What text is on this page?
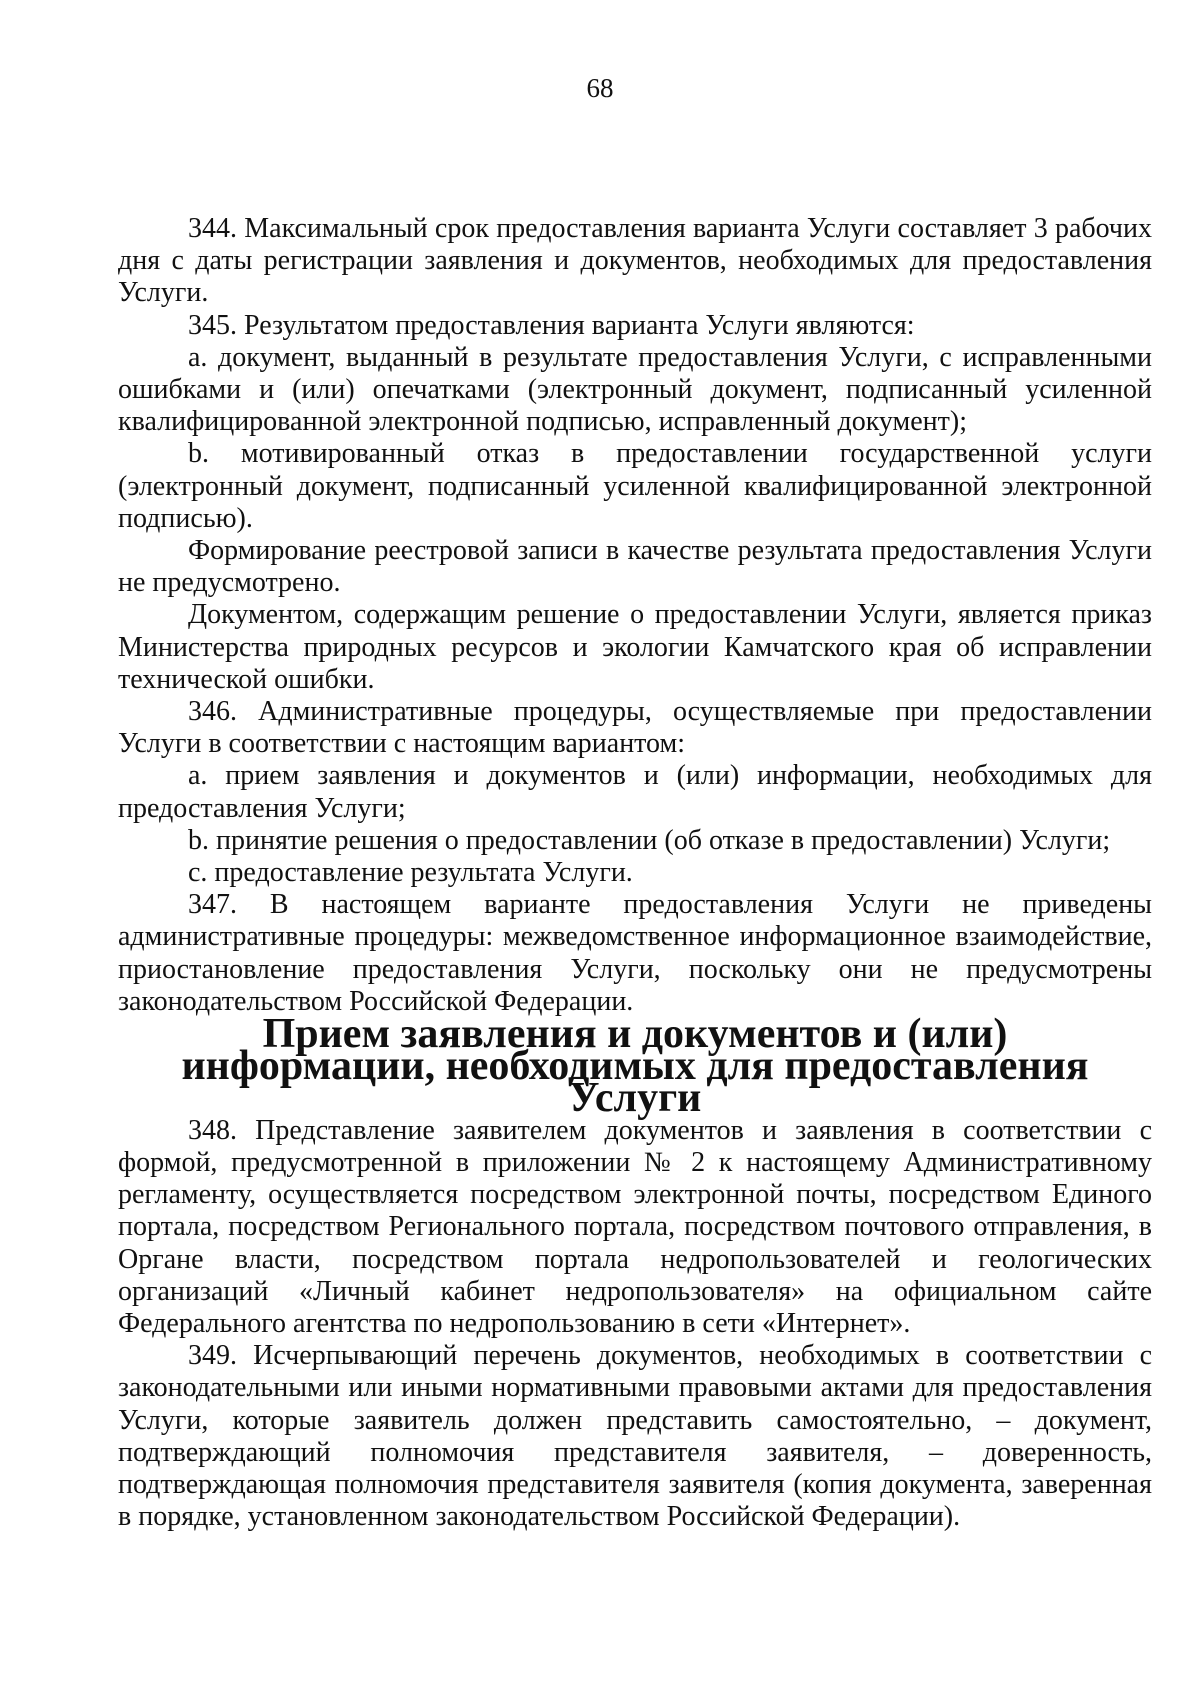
68

344. Максимальный срок предоставления варианта Услуги составляет 3 рабочих дня с даты регистрации заявления и документов, необходимых для предоставления Услуги.

345. Результатом предоставления варианта Услуги являются:

a. документ, выданный в результате предоставления Услуги, с исправленными ошибками и (или) опечатками (электронный документ, подписанный усиленной квалифицированной электронной подписью, исправленный документ);

b. мотивированный отказ в предоставлении государственной услуги (электронный документ, подписанный усиленной квалифицированной электронной подписью).

Формирование реестровой записи в качестве результата предоставления Услуги не предусмотрено.

Документом, содержащим решение о предоставлении Услуги, является приказ Министерства природных ресурсов и экологии Камчатского края об исправлении технической ошибки.

346. Административные процедуры, осуществляемые при предоставлении Услуги в соответствии с настоящим вариантом:

a. прием заявления и документов и (или) информации, необходимых для предоставления Услуги;

b. принятие решения о предоставлении (об отказе в предоставлении) Услуги;

c. предоставление результата Услуги.

347. В настоящем варианте предоставления Услуги не приведены административные процедуры: межведомственное информационное взаимодействие, приостановление предоставления Услуги, поскольку они не предусмотрены законодательством Российской Федерации.

Прием заявления и документов и (или) информации, необходимых для предоставления Услуги

348. Представление заявителем документов и заявления в соответствии с формой, предусмотренной в приложении № 2 к настоящему Административному регламенту, осуществляется посредством электронной почты, посредством Единого портала, посредством Регионального портала, посредством почтового отправления, в Органе власти, посредством портала недропользователей и геологических организаций «Личный кабинет недропользователя» на официальном сайте Федерального агентства по недропользованию в сети «Интернет».

349. Исчерпывающий перечень документов, необходимых в соответствии с законодательными или иными нормативными правовыми актами для предоставления Услуги, которые заявитель должен представить самостоятельно, – документ, подтверждающий полномочия представителя заявителя, – доверенность, подтверждающая полномочия представителя заявителя (копия документа, заверенная в порядке, установленном законодательством Российской Федерации).
